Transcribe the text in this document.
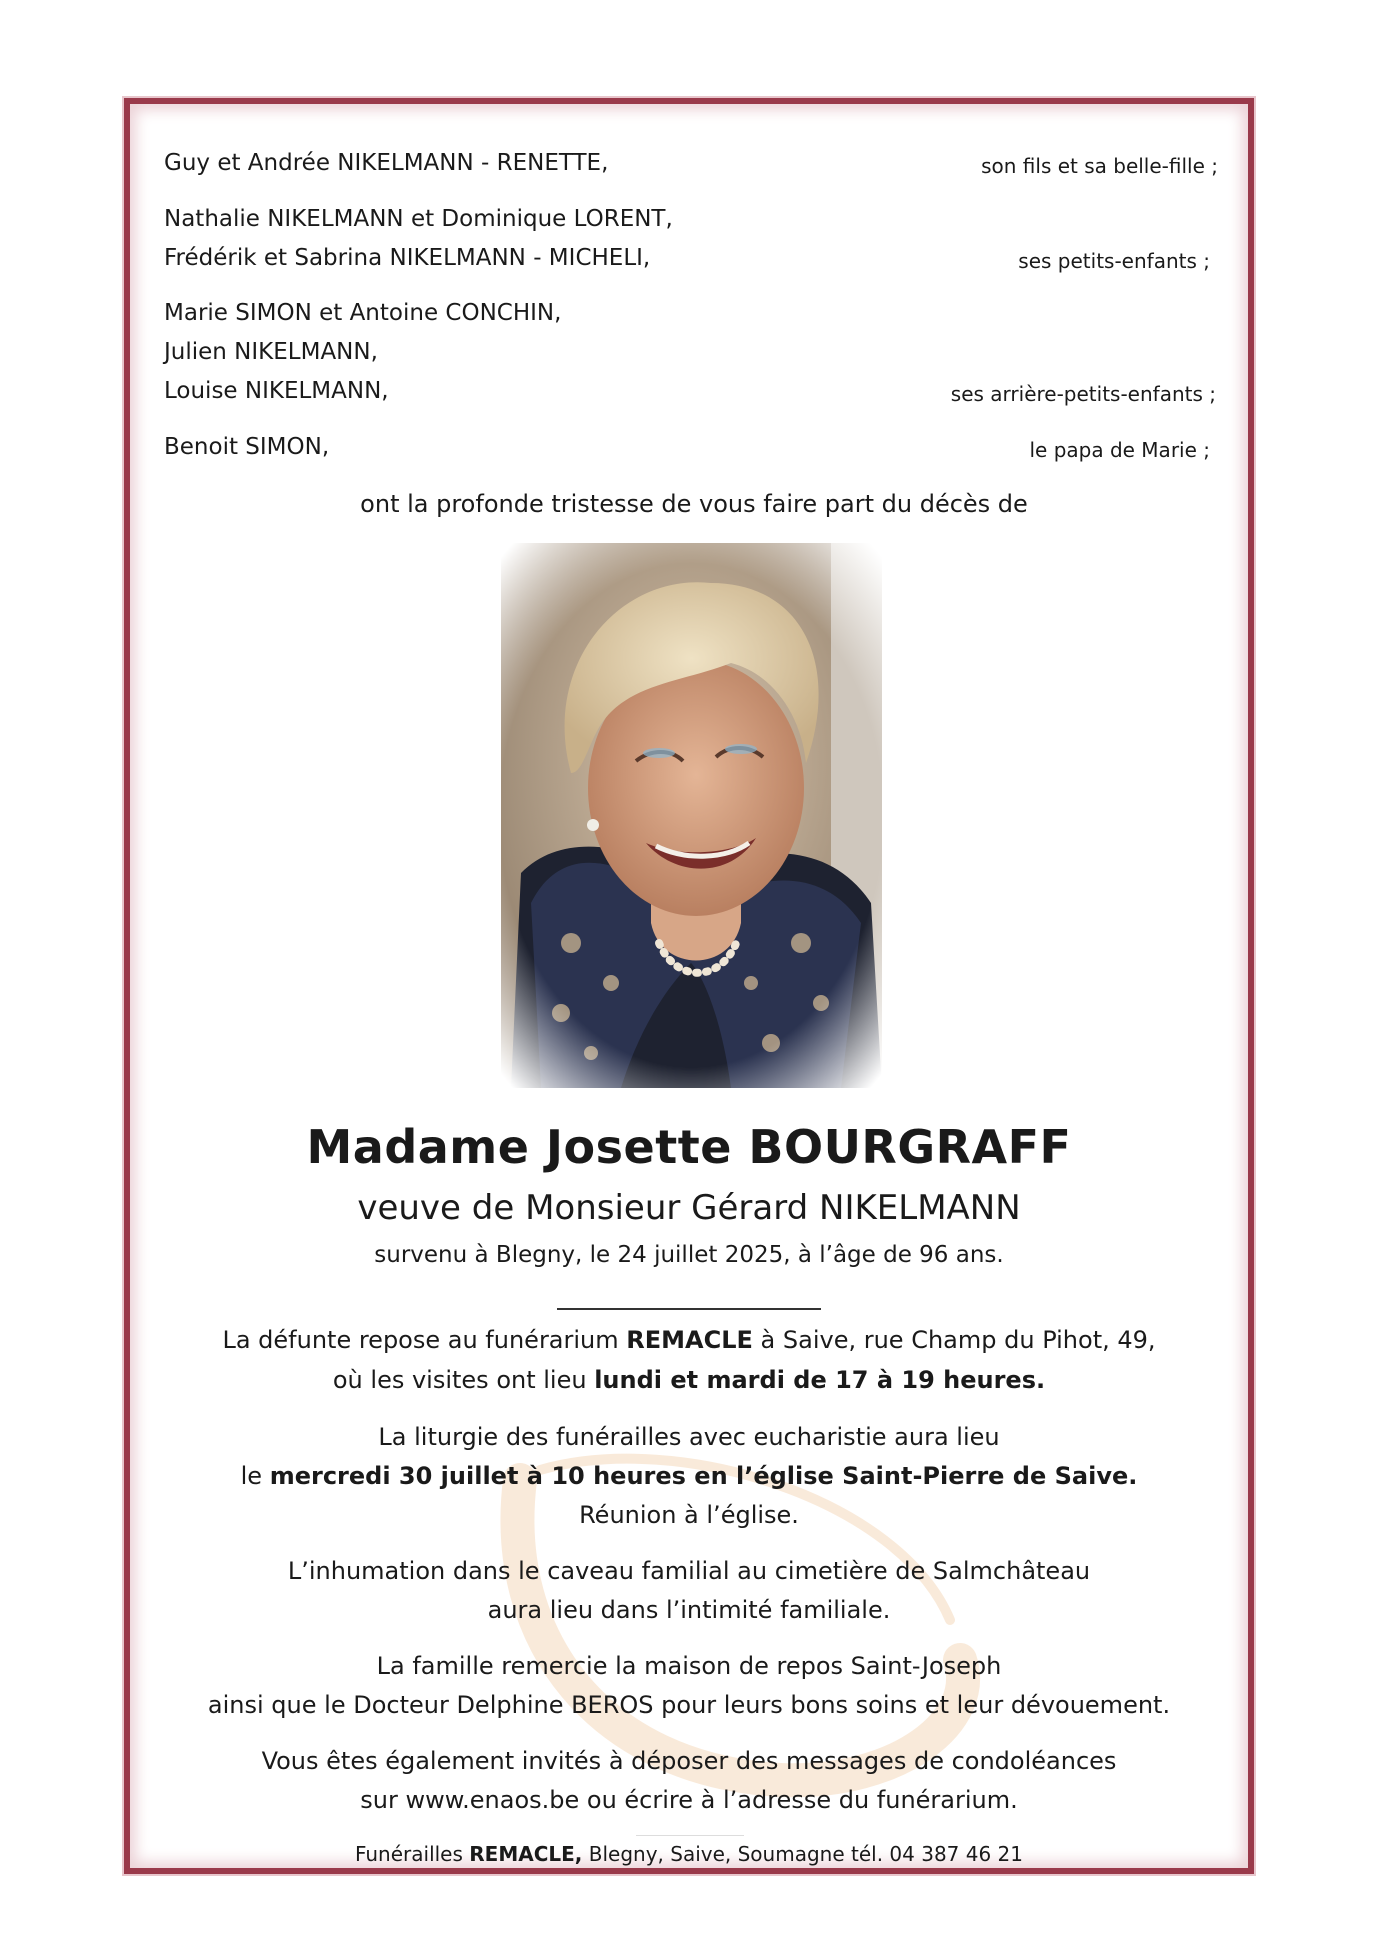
Guy et Andrée NIKELMANN - RENETTE,	son fils et sa belle-fille ;
Nathalie NIKELMANN et Dominique LORENT,
Frédérik et Sabrina NIKELMANN - MICHELI,	ses petits-enfants ;
Marie SIMON et Antoine CONCHIN,
Julien NIKELMANN,
Louise NIKELMANN,	ses arrière-petits-enfants ;
Benoit SIMON,	le papa de Marie ;
ont la profonde tristesse de vous faire part du décès de
Madame Josette BOURGRAFF
veuve de Monsieur Gérard NIKELMANN
survenu à Blegny, le 24 juillet 2025, à l’âge de 96 ans.
La défunte repose au funérarium REMACLE à Saive, rue Champ du Pihot, 49,
où les visites ont lieu lundi et mardi de 17 à 19 heures.
La liturgie des funérailles avec eucharistie aura lieu
le mercredi 30 juillet à 10 heures en l’église Saint-Pierre de Saive.
Réunion à l’église.
L’inhumation dans le caveau familial au cimetière de Salmchâteau
aura lieu dans l’intimité familiale.
La famille remercie la maison de repos Saint-Joseph
ainsi que le Docteur Delphine BEROS pour leurs bons soins et leur dévouement.
Vous êtes également invités à déposer des messages de condoléances
sur www.enaos.be ou écrire à l’adresse du funérarium.
Funérailles REMACLE, Blegny, Saive, Soumagne tél. 04 387 46 21
